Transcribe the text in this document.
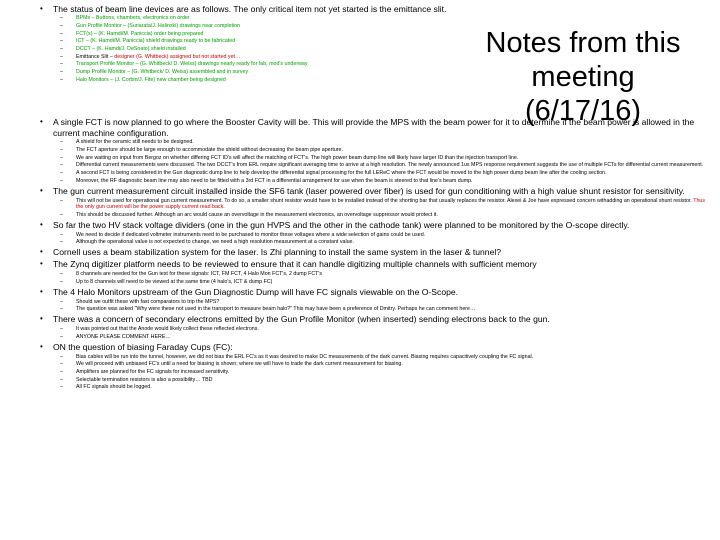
Notes from this meeting
(6/17/16)
•	The status of beam line devices are as follows. The only critical item not yet started is the emittance slit.
–	BPMs – Buttons, chambers, electronics on order
–	Gun Profile Monitor – (Suriarata/J. Halinski) drawings near completion
–	FCT(s) – (K. Hamdi/M. Paniccia) order being prepared
–	ICT – (K. Hamdi/M. Paniccia) shield drawings ready to be fabricated
–	DCCT – (K. Hamdi/J. DeSnato) shield installed
–	Emittance Slit – designer (G. Whitbeck) assigned but not started yet…
–	Transport Profile Monitor – (G. Whitbeck/ D. Weiss) drawings nearly ready for fab, mod's underway
–	Dump Profile Monitor – (G. Whitbeck/ D. Weiss) assembled and in survey
–	Halo Monitors – (J. Corbin/J. Fite) new chamber being designed
•	A single FCT is now planned to go where the Booster Cavity will be. This will provide the MPS with the beam power for it to determine if the beam power is allowed in the current machine configuration.
–	A shield for the ceramic still needs to be designed.
–	The FCT aperture should be large enough to accommodate the shield without decreasing the beam pipe aperture.
–	We are waiting on input from Bergoz on whether differing FCT ID's will affect the matching of FCT's. The high power beam dump line will likely have larger ID than the injection transport line.
–	Differential current measurements were discussed. The two DCCT's from ERL require significant averaging time to arrive at a high resolution. The newly announced 1us MPS response requirement suggests the use of multiple FCTs for differential current measurement.
–	A second FCT is being considered in the Gun diagnostic dump line to help develop the differential signal processing for the full LEReC where the FCT would be moved to the high power dump beam line after the cooling section.
–	Moreover, the RF diagnostic beam line may also need to be fitted with a 3rd FCT in a differential arrangement for use when the beam is steered to that line's beam dump.
•	The gun current measurement circuit installed inside the SF6 tank (laser powered over fiber) is used for gun conditioning with a high value shunt resistor for sensitivity.
–	This will not be used for operational gun current measurement. To do so, a smaller shunt resistor would have to be installed instead of the shorting bar that usually replaces the resistor. Alexei & Joe have expressed concern withadding an operational shunt resistor. Thus the only gun current will be the power supply current read back.
–	This should be discussed further. Although an arc would cause an overvoltage in the measurement electronics, an overvoltage suppressor would protect it.
•	So far the two HV stack voltage dividers (one in the gun HVPS and the other in the cathode tank) were planned to be monitored by the O-scope directly.
–	We need to decide if dedicated voltmeter instruments need to be purchased to monitor these voltages where a wide selection of gains could be used.
–	Although the operational value is not expected to change, we need a high resolution measurement at a constant value.
•	Cornell uses a beam stabilization system for the laser. Is Zhi planning to install the same system in the laser & tunnel?
•	The Zynq digitizer platform needs to be reviewed to ensure that it can handle digitizing multiple channels with sufficient memory
–	8 channels are needed for the Gun test for these signals: ICT, FM FCT, 4 Halo Mon FCT's, 2 dump FCT's
–	Up to 8 channels will need to be viewed at the same time (4 halo's, ICT & dump FC)
•	The 4 Halo Monitors upstream of the Gun Diagnostic Dump will have FC signals viewable on the O-Scope.
–	Should we outfit these with fast comparators to trip the MPS?
–	The question was asked "Why were these not used in the transport to measure beam halo?" This may have been a preference of Dmitry. Perhaps he can comment here…
•	There was a concern of secondary electrons emitted by the Gun Profile Monitor (when inserted) sending electrons back to the gun.
–	It was pointed out that the Anode would likely collect these reflected electrons.
–	ANYONE PLEASE COMMENT HERE…
•	ON the question of biasing Faraday Cups (FC):
–	Bias cables will be run into the tunnel, however, we did not bias the ERL FC's as it was desired to make DC measurements of the dark current. Biasing requires capacitively coupling the FC signal.
–	We will proceed with unbiased FC's until a need for biasing is shown; where we will have to trade the dark current measurement for biasing.
–	Amplifiers are planned for the FC signals for increased sensitivity.
–	Selectable termination resistors is also a possibility… TBD
–	All FC signals should be logged.
